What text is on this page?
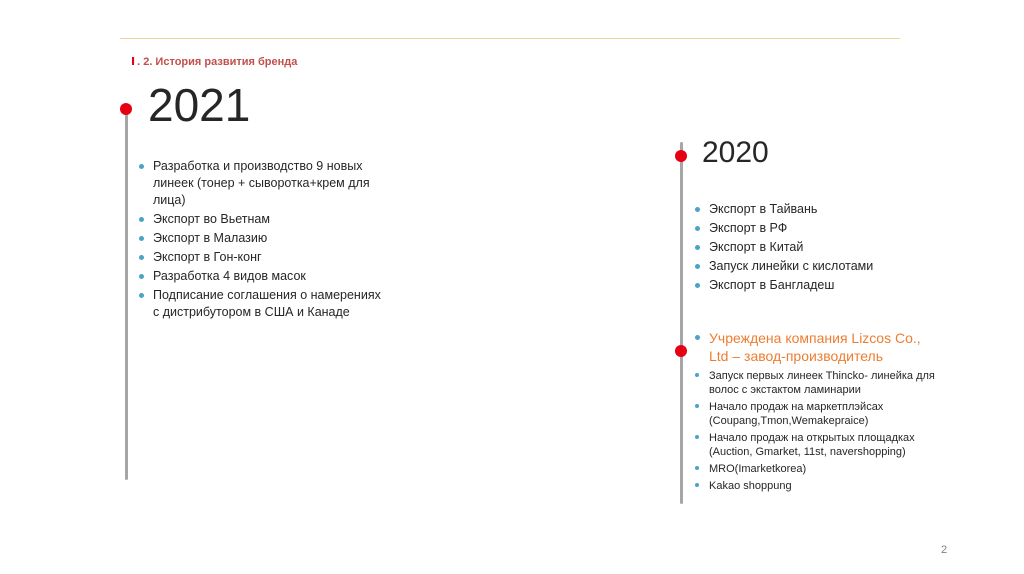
Ⅰ . 2. История развития бренда
2021
Разработка и производство 9 новых линеек (тонер + сыворотка+крем для лица)
Экспорт во Вьетнам
Экспорт в Малазию
Экспорт в Гон-конг
Разработка 4 видов масок
Подписание соглашения о намерениях с дистрибутором в США и Канаде
2020
Экспорт в Тайвань
Экспорт в РФ
Экспорт в Китай
Запуск линейки с кислотами
Экспорт в Бангладеш
Учреждена компания Lizcos Co., Ltd – завод-производитель
Запуск первых линеек Thincko- линейка для волос с экстактом ламинарии
Начало продаж на маркетплэйсах (Coupang,Tmon,Wemakepraice)
Начало продаж на открытых площадках (Auction, Gmarket, 11st, navershopping)
MRO(Imarketkorea)
Kakao shoppung
2
